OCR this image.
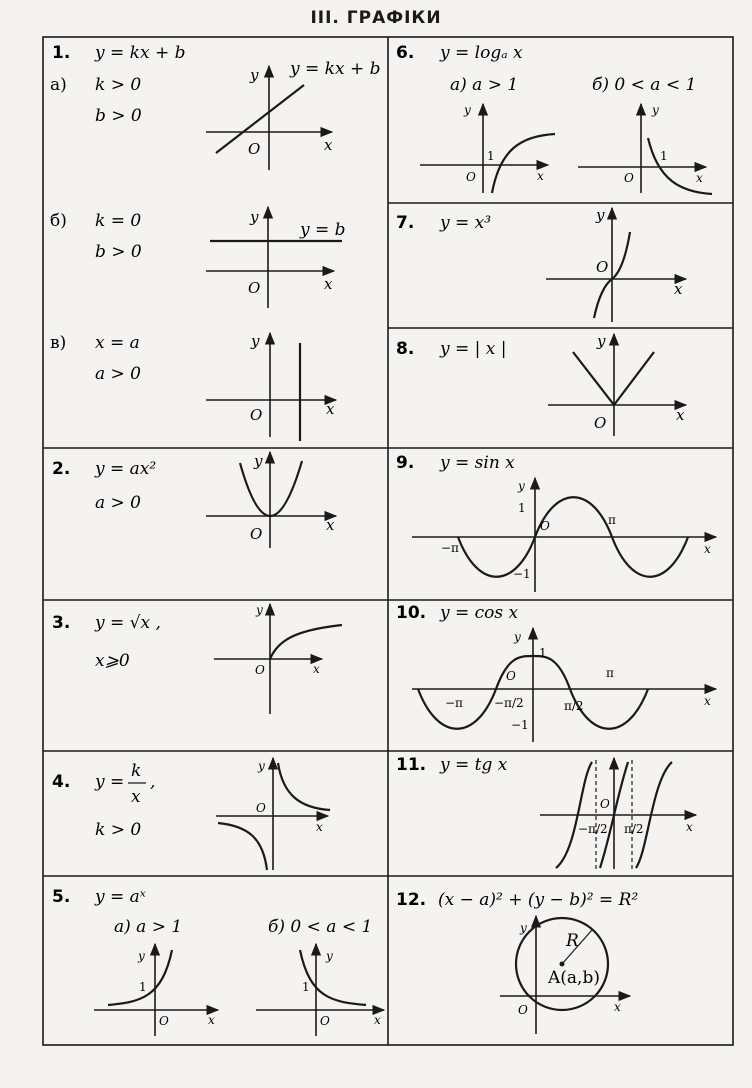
III. ГРАФІКИ
1. y = kx + b
а) k > 0
b > 0
y
x
O
y = kx + b
б) k = 0
b > 0
y
x
O
y = b
в) x = a
a > 0
y
x
O
2. y = ax²
a > 0
y
x
O
3. y = √x ,
x⩾0
y
x
O
4. y =
k
x
,
k > 0
y
x
O
5. y = aˣ
а) a > 1	б) 0 < a < 1
y
1
x
O
y
1
x
O
6. y = logₐ x
а) a > 1	б) 0 < a < 1
y
1
x
O
y
1
x
O
7. y = x³	y
x
O
8. y = | x |	y
x
O
9. y = sin x
y
1
−1
π
−π	x
O
10. y = cos x
y
1
−1
π
−π	−π/2	π/2	x
O
11. y = tg x
O
−π/2 π/2	x
12. (x − a)² + (y − b)² = R²
R
A(a,b)
y
x
O
